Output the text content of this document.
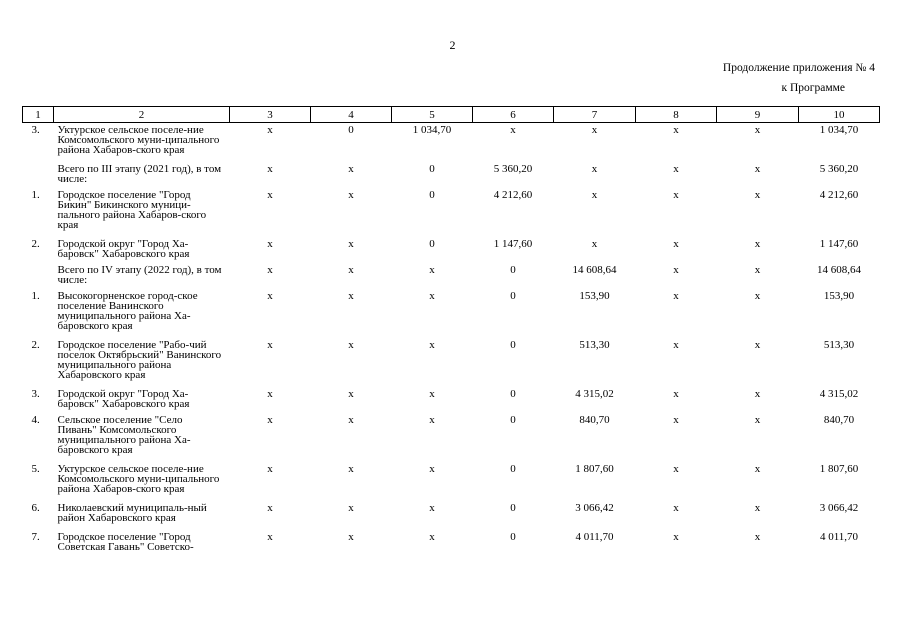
2
Продолжение приложения № 4
к Программе
1	2	3	4	5	6	7	8	9	10
3.	Уктурское сельское поселе-ние Комсомольского муни-ципального района Хабаров-ского края	х	0	1 034,70	х	х	х	х	1 034,70
	Всего по III этапу (2021 год), в том числе:	х	х	0	5 360,20	х	х	х	5 360,20
1.	Городское поселение "Город Бикин" Бикинского муници-пального района Хабаров-ского края	х	х	0	4 212,60	х	х	х	4 212,60
2.	Городской округ "Город Ха-баровск" Хабаровского края	х	х	0	1 147,60	х	х	х	1 147,60
	Всего по IV этапу (2022 год), в том числе:	х	х	х	0	14 608,64	х	х	14 608,64
1.	Высокогорненское город-ское поселение Ванинского муниципального района Ха-баровского края	х	х	х	0	153,90	х	х	153,90
2.	Городское поселение "Рабо-чий поселок Октябрьский" Ванинского муниципального района Хабаровского края	х	х	х	0	513,30	х	х	513,30
3.	Городской округ "Город Ха-баровск" Хабаровского края	х	х	х	0	4 315,02	х	х	4 315,02
4.	Сельское поселение "Село Пивань" Комсомольского муниципального района Ха-баровского края	х	х	х	0	840,70	х	х	840,70
5.	Уктурское сельское поселе-ние Комсомольского муни-ципального района Хабаров-ского края	х	х	х	0	1 807,60	х	х	1 807,60
6.	Николаевский муниципаль-ный район Хабаровского края	х	х	х	0	3 066,42	х	х	3 066,42
7.	Городское поселение "Город Советская Гавань" Советско-	х	х	х	0	4 011,70	х	х	4 011,70
